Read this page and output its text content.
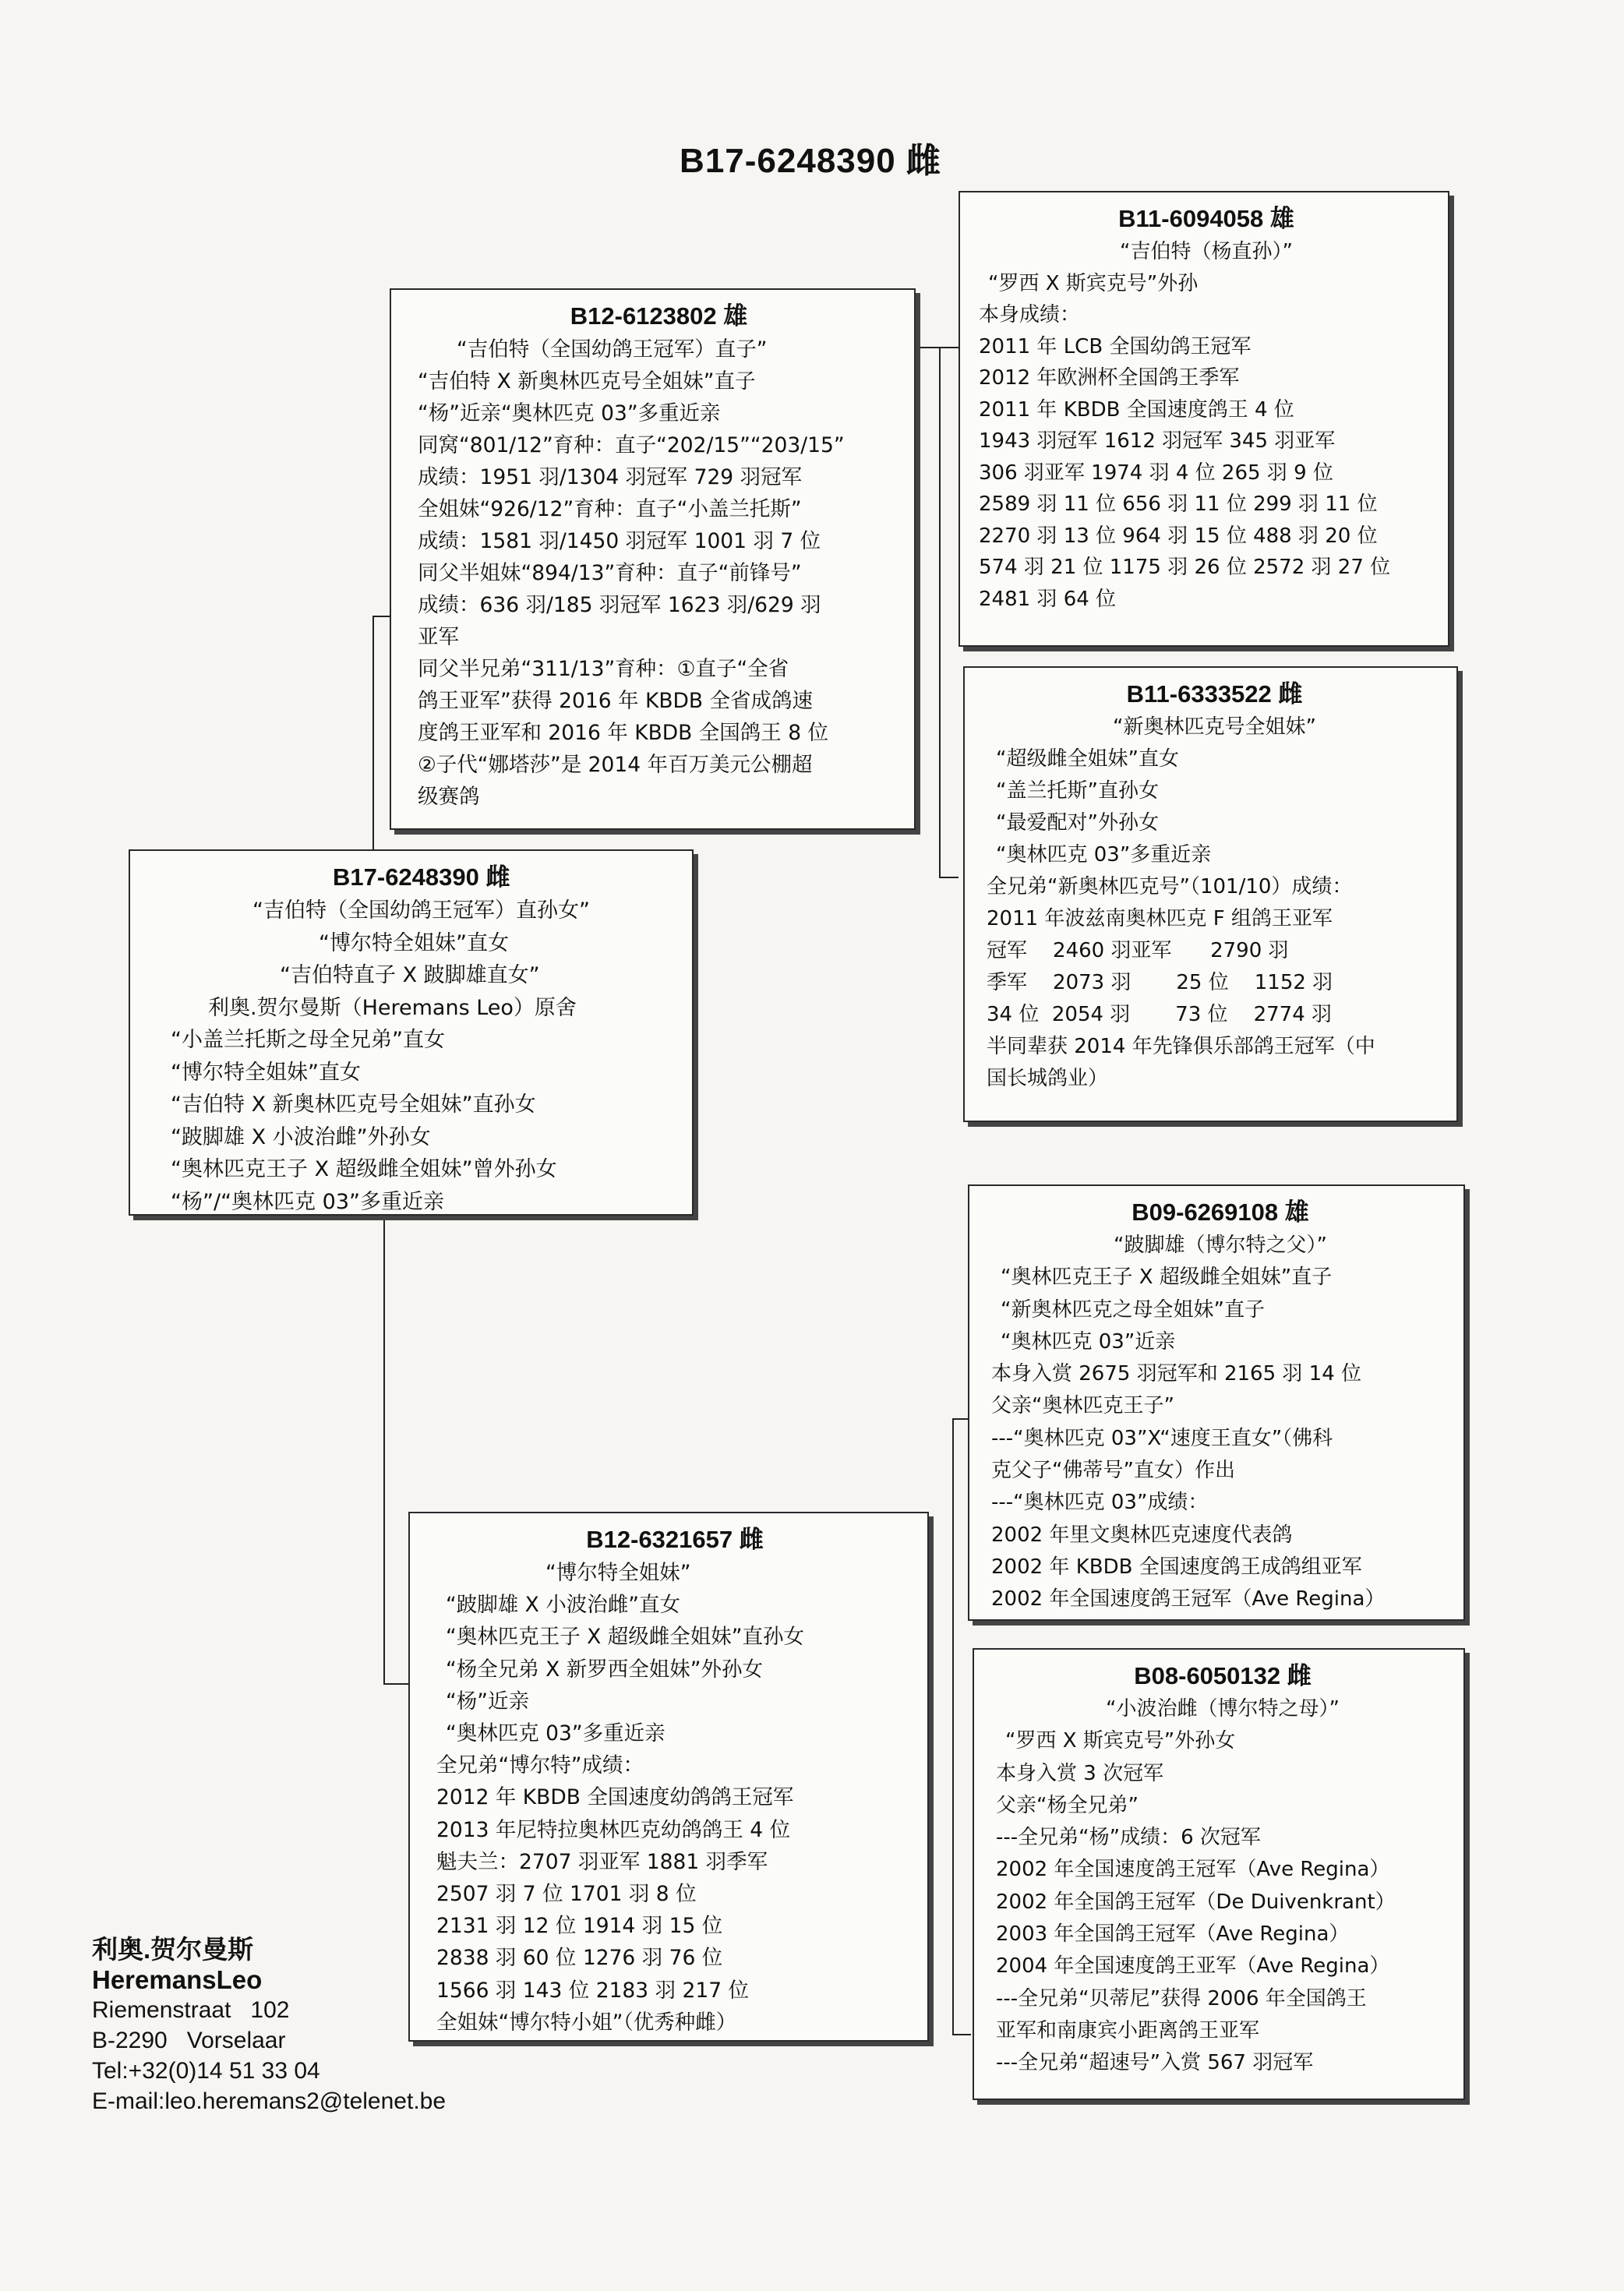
B17-6248390 雌
B17-6248390 雌
“吉伯特（全国幼鸽王冠军）直孙女”
“博尔特全姐妹”直女
“吉伯特直子 X 跛脚雄直女”
利奥.贺尔曼斯（Heremans Leo）原舍
“小盖兰托斯之母全兄弟”直女
“博尔特全姐妹”直女
“吉伯特 X 新奥林匹克号全姐妹”直孙女
“跛脚雄 X 小波治雌”外孙女
“奥林匹克王子 X 超级雌全姐妹”曾外孙女
“杨”/“奥林匹克 03”多重近亲
B12-6123802 雄
“吉伯特（全国幼鸽王冠军）直子”
“吉伯特 X 新奥林匹克号全姐妹”直子
“杨”近亲“奥林匹克 03”多重近亲
同窝“801/12”育种：直子“202/15”“203/15”
成绩：1951 羽/1304 羽冠军 729 羽冠军
全姐妹“926/12”育种：直子“小盖兰托斯”
成绩：1581 羽/1450 羽冠军 1001 羽 7 位
同父半姐妹“894/13”育种：直子“前锋号”
成绩：636 羽/185 羽冠军 1623 羽/629 羽
亚军
同父半兄弟“311/13”育种：①直子“全省
鸽王亚军”获得 2016 年 KBDB 全省成鸽速
度鸽王亚军和 2016 年 KBDB 全国鸽王 8 位
②子代“娜塔莎”是 2014 年百万美元公棚超
级赛鸽
B12-6321657 雌
“博尔特全姐妹”
“跛脚雄 X 小波治雌”直女
“奥林匹克王子 X 超级雌全姐妹”直孙女
“杨全兄弟 X 新罗西全姐妹”外孙女
“杨”近亲
“奥林匹克 03”多重近亲
全兄弟“博尔特”成绩：
2012 年 KBDB 全国速度幼鸽鸽王冠军
2013 年尼特拉奥林匹克幼鸽鸽王 4 位
魁夫兰：2707 羽亚军 1881 羽季军
2507 羽 7 位 1701 羽 8 位
2131 羽 12 位 1914 羽 15 位
2838 羽 60 位 1276 羽 76 位
1566 羽 143 位 2183 羽 217 位
全姐妹“博尔特小姐”（优秀种雌）
B11-6094058 雄
“吉伯特（杨直孙）”
“罗西 X 斯宾克号”外孙
本身成绩：
2011 年 LCB 全国幼鸽王冠军
2012 年欧洲杯全国鸽王季军
2011 年 KBDB 全国速度鸽王 4 位
1943 羽冠军 1612 羽冠军 345 羽亚军
306 羽亚军 1974 羽 4 位 265 羽 9 位
2589 羽 11 位 656 羽 11 位 299 羽 11 位
2270 羽 13 位 964 羽 15 位 488 羽 20 位
574 羽 21 位 1175 羽 26 位 2572 羽 27 位
2481 羽 64 位
B11-6333522 雌
“新奥林匹克号全姐妹”
“超级雌全姐妹”直女
“盖兰托斯”直孙女
“最爱配对”外孙女
“奥林匹克 03”多重近亲
全兄弟“新奥林匹克号”（101/10）成绩：
2011 年波兹南奥林匹克 F 组鸽王亚军
冠军    2460 羽亚军      2790 羽
季军    2073 羽       25 位    1152 羽
34 位  2054 羽       73 位    2774 羽
半同辈获 2014 年先锋俱乐部鸽王冠军（中
国长城鸽业）
B09-6269108 雄
“跛脚雄（博尔特之父）”
“奥林匹克王子 X 超级雌全姐妹”直子
“新奥林匹克之母全姐妹”直子
“奥林匹克 03”近亲
本身入赏 2675 羽冠军和 2165 羽 14 位
父亲“奥林匹克王子”
---“奥林匹克 03”X“速度王直女”（佛科
克父子“佛蒂号”直女）作出
---“奥林匹克 03”成绩：
2002 年里文奥林匹克速度代表鸽
2002 年 KBDB 全国速度鸽王成鸽组亚军
2002 年全国速度鸽王冠军（Ave Regina）
B08-6050132 雌
“小波治雌（博尔特之母）”
“罗西 X 斯宾克号”外孙女
本身入赏 3 次冠军
父亲“杨全兄弟”
---全兄弟“杨”成绩：6 次冠军
2002 年全国速度鸽王冠军（Ave Regina）
2002 年全国鸽王冠军（De Duivenkrant）
2003 年全国鸽王冠军（Ave Regina）
2004 年全国速度鸽王亚军（Ave Regina）
---全兄弟“贝蒂尼”获得 2006 年全国鸽王
亚军和南康宾小距离鸽王亚军
---全兄弟“超速号”入赏 567 羽冠军
利奥.贺尔曼斯
HeremansLeo
Riemenstraat   102
B-2290   Vorselaar
Tel:+32(0)14 51 33 04
E-mail:leo.heremans2@telenet.be
